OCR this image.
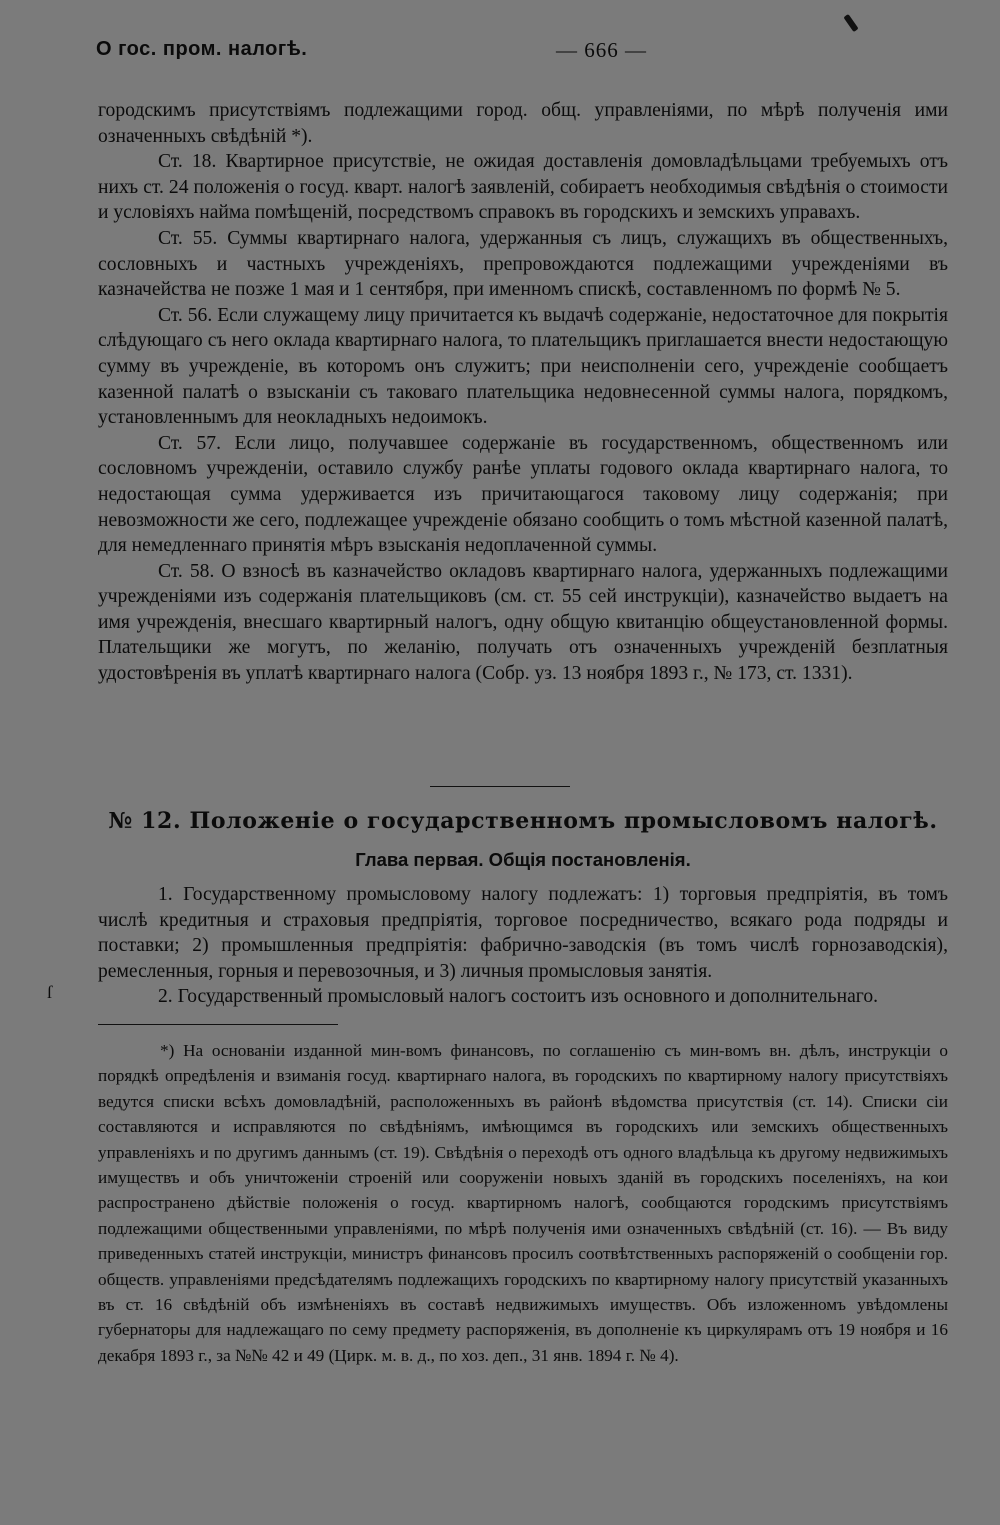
О гос. пром. налогѣ.	— 666 —

городскимъ присутствіямъ подлежащими город. общ. управленіями, по мѣрѣ полученія ими означенныхъ свѣдѣній *).

Ст. 18. Квартирное присутствіе, не ожидая доставленія домовладѣльцами требуемыхъ отъ нихъ ст. 24 положенія о госуд. кварт. налогѣ заявленій, собираетъ необходимыя свѣдѣнія о стоимости и условіяхъ найма помѣщеній, посредствомъ справокъ въ городскихъ и земскихъ управахъ.

Ст. 55. Суммы квартирнаго налога, удержанныя съ лицъ, служащихъ въ общественныхъ, сословныхъ и частныхъ учрежденіяхъ, препровождаются подлежащими учрежденіями въ казначейства не позже 1 мая и 1 сентября, при именномъ спискѣ, составленномъ по формѣ № 5.

Ст. 56. Если служащему лицу причитается къ выдачѣ содержаніе, недостаточное для покрытія слѣдующаго съ него оклада квартирнаго налога, то плательщикъ приглашается внести недостающую сумму въ учрежденіе, въ которомъ онъ служитъ; при неисполненіи сего, учрежденіе сообщаетъ казенной палатѣ о взысканіи съ таковаго плательщика недовнесенной суммы налога, порядкомъ, установленнымъ для неокладныхъ недоимокъ.

Ст. 57. Если лицо, получавшее содержаніе въ государственномъ, общественномъ или сословномъ учрежденіи, оставило службу ранѣе уплаты годового оклада квартирнаго налога, то недостающая сумма удерживается изъ причитающагося таковому лицу содержанія; при невозможности же сего, подлежащее учрежденіе обязано сообщить о томъ мѣстной казенной палатѣ, для немедленнаго принятія мѣръ взысканія недоплаченной суммы.

Ст. 58. О взносѣ въ казначейство окладовъ квартирнаго налога, удержанныхъ подлежащими учрежденіями изъ содержанія плательщиковъ (см. ст. 55 сей инструкціи), казначейство выдаетъ на имя учрежденія, внесшаго квартирный налогъ, одну общую квитанцію общеустановленной формы. Плательщики же могутъ, по желанію, получать отъ означенныхъ учрежденій безплатныя удостовѣренія въ уплатѣ квартирнаго налога (Собр. уз. 13 ноября 1893 г., № 173, ст. 1331).

№ 12. Положеніе о государственномъ промысловомъ налогѣ.
Глава первая. Общія постановленія.

1. Государственному промысловому налогу подлежатъ: 1) торговыя предпріятія, въ томъ числѣ кредитныя и страховыя предпріятія, торговое посредничество, всякаго рода подряды и поставки; 2) промышленныя предпріятія: фабрично-заводскія (въ томъ числѣ горнозаводскія), ремесленныя, горныя и перевозочныя, и 3) личныя промысловыя занятія.

2. Государственный промысловый налогъ состоитъ изъ основного и дополнительнаго.

ſ

*) На основаніи изданной мин-вомъ финансовъ, по соглашенію съ мин-вомъ вн. дѣлъ, инструкціи о порядкѣ опредѣленія и взиманія госуд. квартирнаго налога, въ городскихъ по квартирному налогу присутствіяхъ ведутся списки всѣхъ домовладѣній, расположенныхъ въ районѣ вѣдомства присутствія (ст. 14). Списки сіи составляются и исправляются по свѣдѣніямъ, имѣющимся въ городскихъ или земскихъ общественныхъ управленіяхъ и по другимъ даннымъ (ст. 19). Свѣдѣнія о переходѣ отъ одного владѣльца къ другому недвижимыхъ имуществъ и объ уничтоженіи строеній или сооруженіи новыхъ зданій въ городскихъ поселеніяхъ, на кои распространено дѣйствіе положенія о госуд. квартирномъ налогѣ, сообщаются городскимъ присутствіямъ подлежащими общественными управленіями, по мѣрѣ полученія ими означенныхъ свѣдѣній (ст. 16). — Въ виду приведенныхъ статей инструкціи, министръ финансовъ просилъ соотвѣтственныхъ распоряженій о сообщеніи гор. обществ. управленіями предсѣдателямъ подлежащихъ городскихъ по квартирному налогу присутствій указанныхъ въ ст. 16 свѣдѣній объ измѣненіяхъ въ составѣ недвижимыхъ имуществъ. Объ изложенномъ увѣдомлены губернаторы для надлежащаго по сему предмету распоряженія, въ дополненіе къ циркулярамъ отъ 19 ноября и 16 декабря 1893 г., за №№ 42 и 49 (Цирк. м. в. д., по хоз. деп., 31 янв. 1894 г. № 4).
